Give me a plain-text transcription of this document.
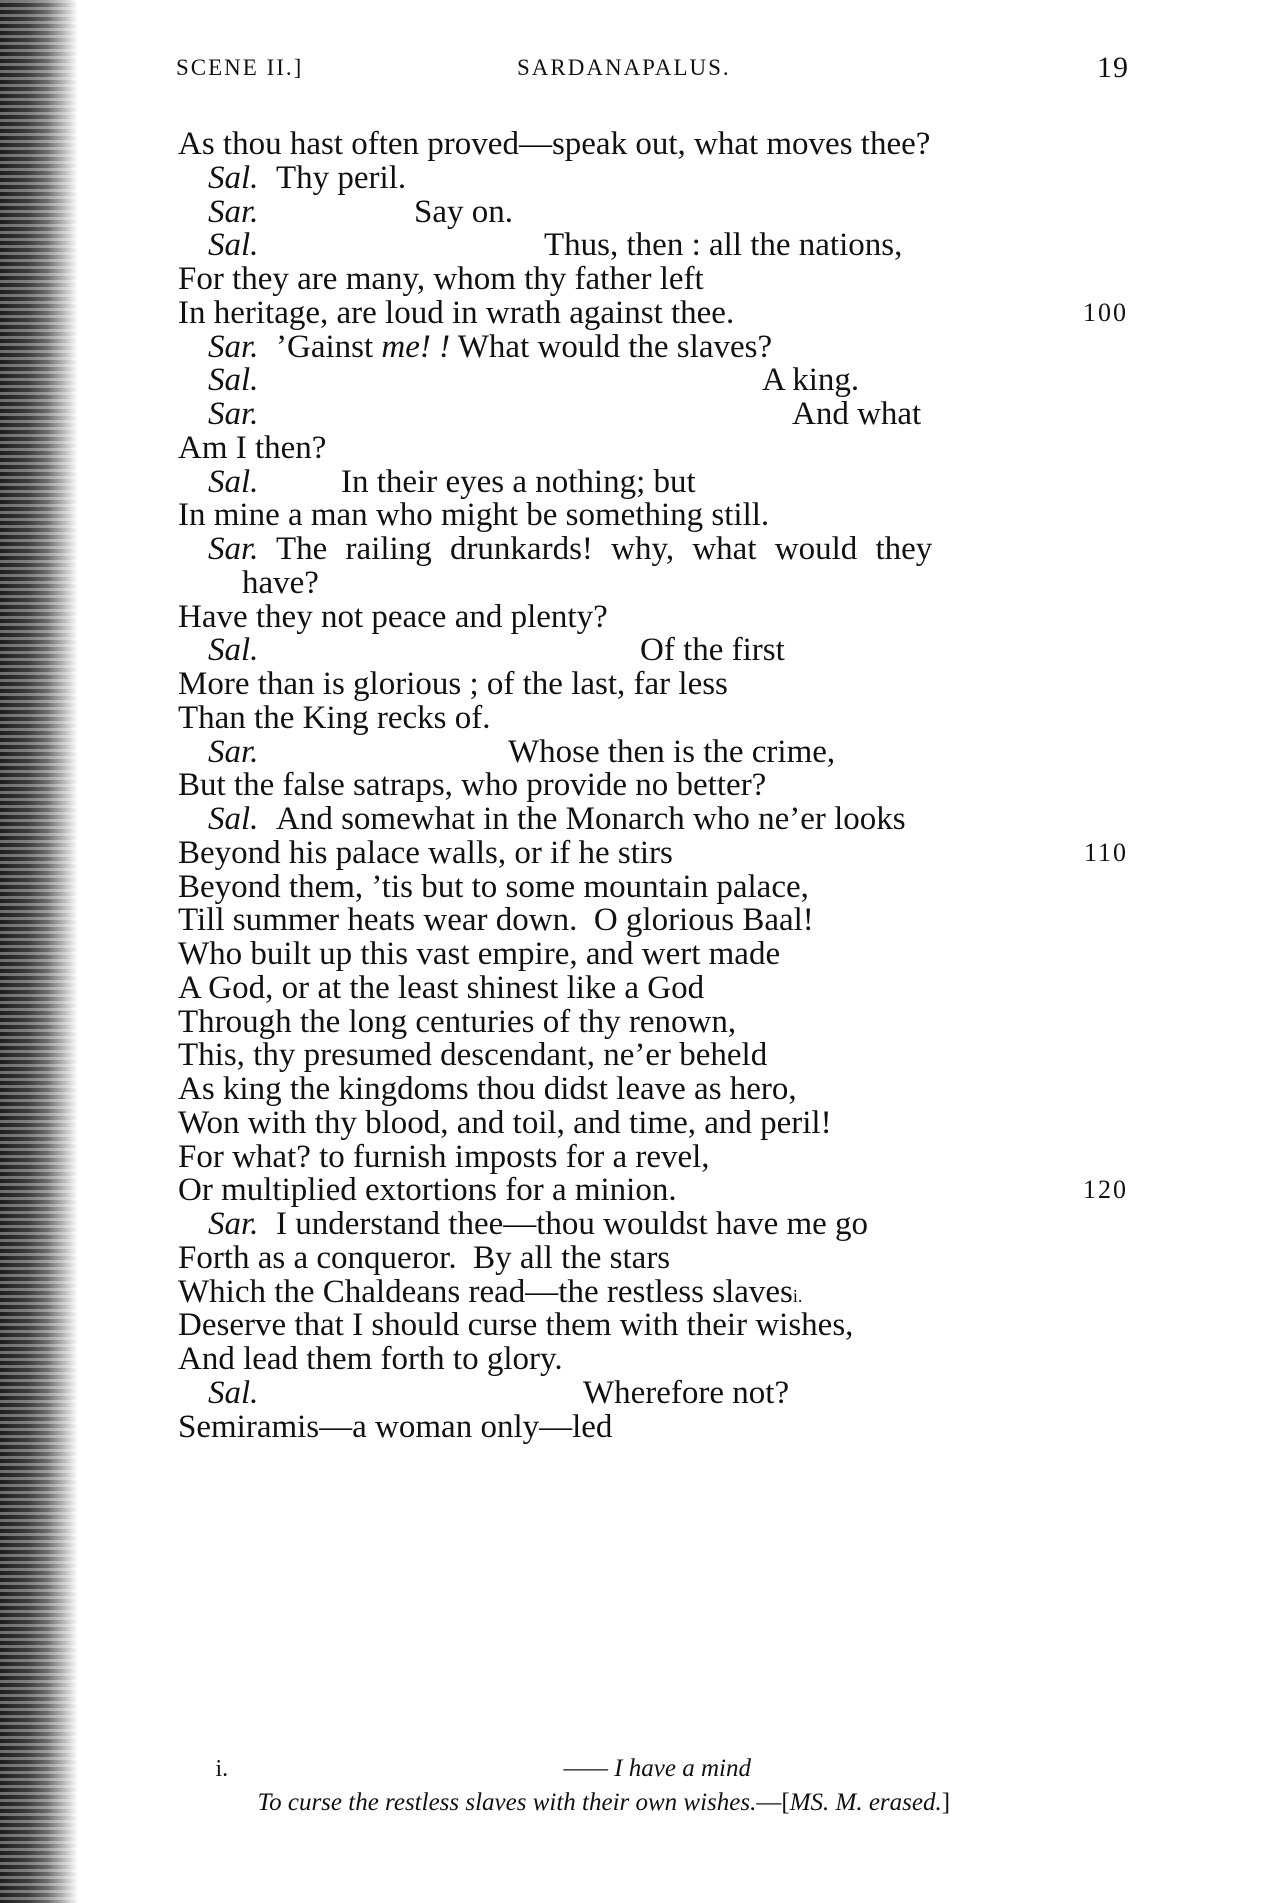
SCENE II.]	SARDANAPALUS.	19
As thou hast often proved—speak out, what moves thee?
Sal. Thy peril.
Sar.	Say on.
Sal.	Thus, then : all the nations,
For they are many, whom thy father left
In heritage, are loud in wrath against thee.	100
Sar. ’Gainst me! ! What would the slaves?
Sal.	A king.
Sar.	And what
Am I then?
Sal.	In their eyes a nothing; but
In mine a man who might be something still.
Sar. The railing drunkards! why, what would they
have?
Have they not peace and plenty?
Sal.	Of the first
More than is glorious ; of the last, far less
Than the King recks of.
Sar.	Whose then is the crime,
But the false satraps, who provide no better?
Sal. And somewhat in the Monarch who ne’er looks
Beyond his palace walls, or if he stirs	110
Beyond them, ’tis but to some mountain palace,
Till summer heats wear down.  O glorious Baal!
Who built up this vast empire, and wert made
A God, or at the least shinest like a God
Through the long centuries of thy renown,
This, thy presumed descendant, ne’er beheld
As king the kingdoms thou didst leave as hero,
Won with thy blood, and toil, and time, and peril!
For what? to furnish imposts for a revel,
Or multiplied extortions for a minion.	120
Sar. I understand thee—thou wouldst have me go
Forth as a conqueror.  By all the stars
Which the Chaldeans read—the restless slavesi.
Deserve that I should curse them with their wishes,
And lead them forth to glory.
Sal.	Wherefore not?
Semiramis—a woman only—led

i.
	—— I have a mind

To curse the restless slaves with their own wishes.—[MS. M. erased.]
